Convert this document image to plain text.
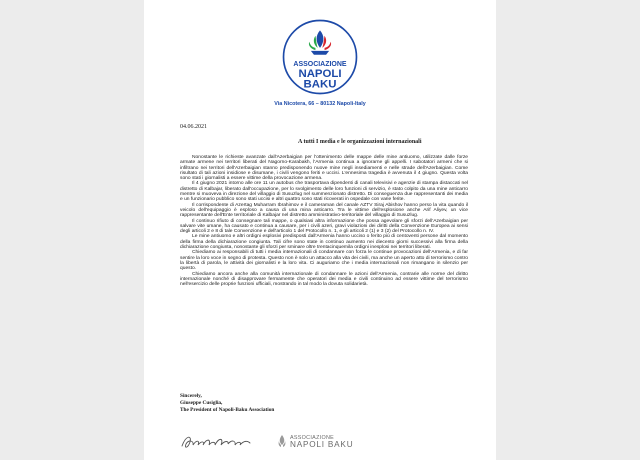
ASSOCIAZIONE
NAPOLI
BAKU
Via Nicotera, 66 – 80132 Napoli-Italy
04.06.2021
A tutti I media e le organizzazioni internazionali

Nonostante le richieste avanzate dall'Azerbaigian per l'ottenimento delle mappe delle mine antiuomo, utilizzate dalle forze armate armene nei territori liberati del Nagorno-Karabakh, l'Armenia continua a ignorarne gli appelli. I sabotatori armeni che si infiltrano nei territori dell'Azerbaigian stanno predisponendo nuove mine negli insediamenti e nelle strade dell'Azerbaigian. Come risultato di tali azioni insidiose e disumane, i civili vengono feriti e uccisi. L'ennesima tragedia è avvenuta il 4 giugno. Questa volta sono stati i giornalisti a essere vittime della provocazione armena.

Il 4 giugno 2021 intorno alle ore 11 un autobus che trasportava dipendenti di canali televisivi e agenzie di stampa distaccati nel distretto di Kalbajar, liberato dall'occupazione, per lo svolgimento delle loro funzioni di servizio, è stato colpito da una mine anticarro mentre si muoveva in direzione del villaggio di Susuzlug nel summenzionato distretto. Di conseguenza due rappresentanti dei media e un funzionario pubblico sono stati uccisi e altri quattro sono stati ricoverati in ospedale con varie ferite.

Il corrispondente di Azertag Muharram Ibrahimov e il cameraman del canale AZTV Siraj Abishov hanno perso la vita quando il veicolo dell'equipaggio è esploso a causa di una mina anticarro. Tra le vittime dell'esplosione anche Arif Aliyev, un vice rappresentante dell'Ente territoriale di Kalbajar nel distretto amministrativo-territoriale del villaggio di Susuzlug.

Il continuo rifiuto di consegnare tali mappe, o qualsiasi altra informazione che possa agevolare gli sforzi dell'Azerbaigian per salvare vite umane, ha causato e continua a causare, per i civili azeri, gravi violazioni dei diritti della Convenzione Europea ai sensi degli articoli 2 e 8 di tale Convenzione e dell'articolo 1 del Protocollo n. 1, e gli articoli 2 (1) e 3 (2) del Protocollo n. IV.

Le mine antiuomo e altri ordigni esplosivi predisposti dall'Armenia hanno ucciso o ferito più di centoventi persone dal momento della firma della dichiarazione congiunta. Tali cifre sono state in continuo aumento nei diecento giorni successivi alla firma della dichiarazione congiunta, nonostante gli sforzi per sminare oltre trentacinquemila ordigni inesplosi nei territori liberati.

Chiediamo ai responsabili di tutti i media internazionali di condannare con forza le continue provocazioni dell'Armenia, e di far sentire la loro voce in segno di protesta. Questo non è solo un attacco alla vita dei civili, ma anche un aperto atto di terrorismo contro la libertà di parola, le attività dei giornalisti e la loro vita. Ci auguriamo che i media internazionali non rimangano in silenzio per questo.

Chiediamo ancora anche alla comunità internazionale di condannare le azioni dell'Armenia, contrarie alle norme del diritto internazionale nonché di disapprovare fermamente che operatori dei media e civili continuino ad essere vittime del terrorismo nell'esercizio delle proprie funzioni ufficiali, mostrando in tal modo la dovuta solidarietà.

Sincerely,
Giuseppe Cusiglia,
The President of Napoli-Baku Association
ASSOCIAZIONE
NAPOLI BAKU
